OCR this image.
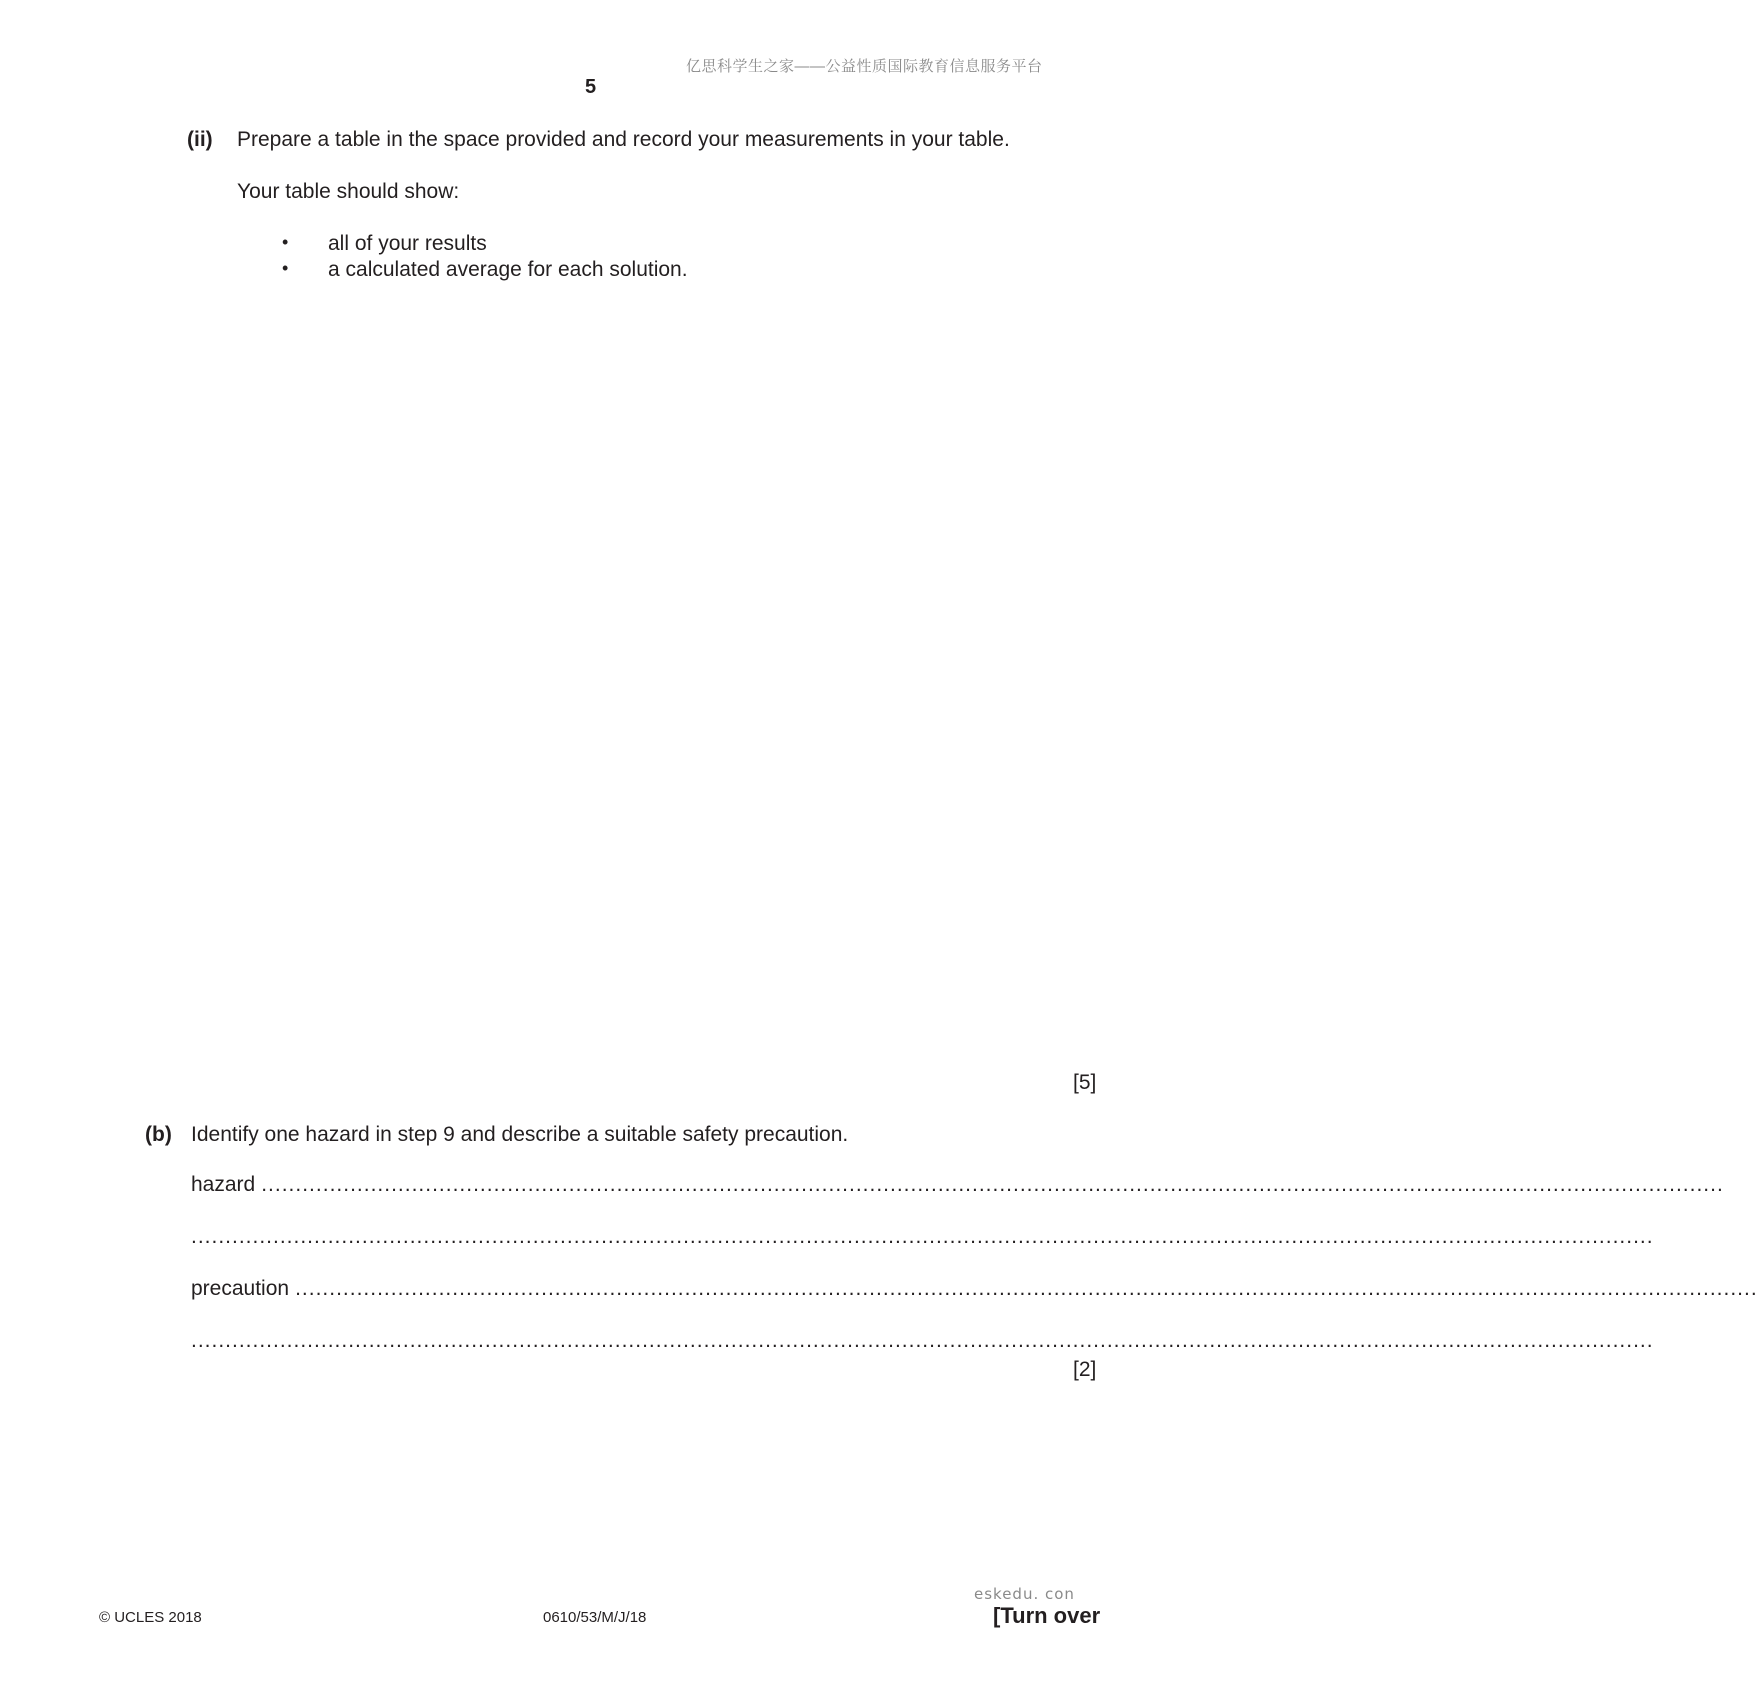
亿思科学生之家——公益性质国际教育信息服务平台
5
(ii) Prepare a table in the space provided and record your measurements in your table.
Your table should show:
• all of your results
• a calculated average for each solution.
[5]
(b) Identify one hazard in step 9 and describe a suitable safety precaution.
hazard ......................................................................................................................................................................................................................
......................................................................................................................................................................................................................
precaution ......................................................................................................................................................................................................................
......................................................................................................................................................................................................................
[2]
eskedu. con
© UCLES 2018	0610/53/M/J/18	[Turn over
